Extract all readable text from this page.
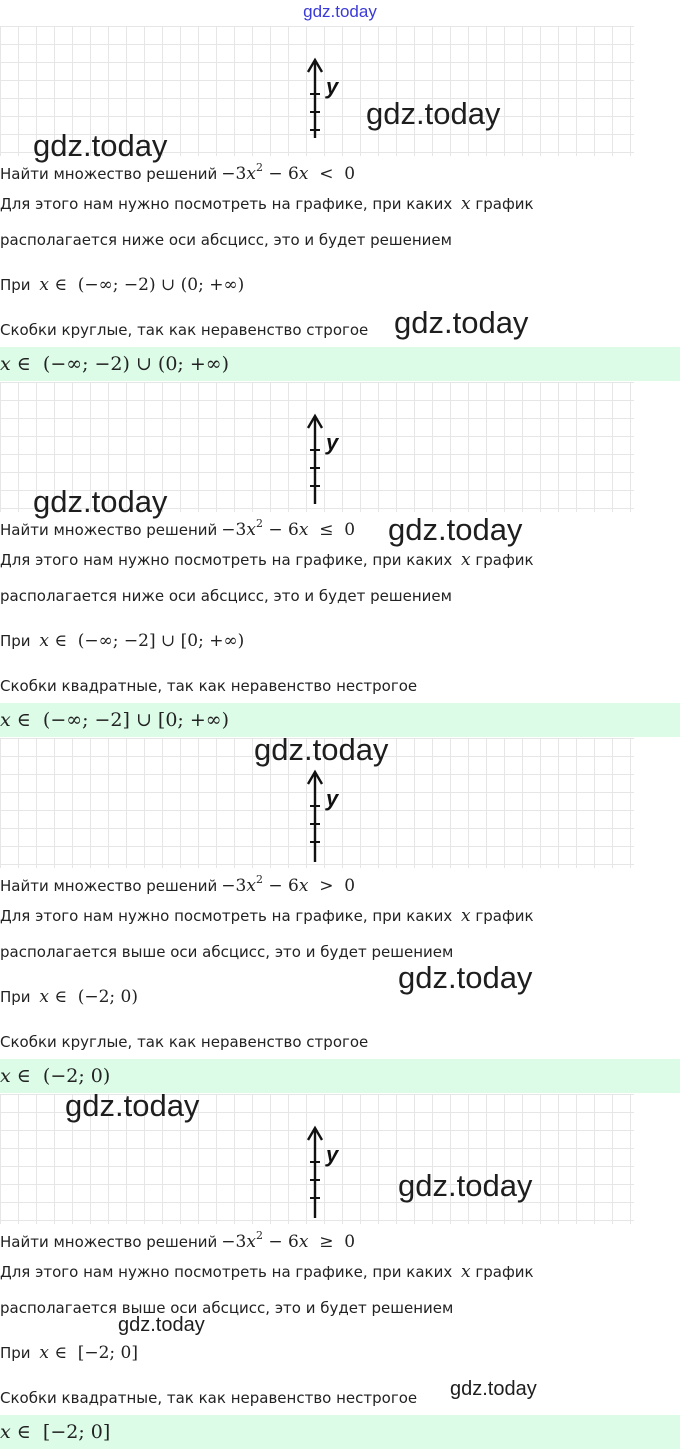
gdz.today
y
Найти множество решений $-3x^2 - 6x < 0$
Для этого нам нужно посмотреть на графике, при каких x график
располагается ниже оси абсцисс, это и будет решением
При x ∈  (−∞; −2) ∪ (0; +∞)
Скобки круглые, так как неравенство строгое
x ∈  (−∞; −2) ∪ (0; +∞)
y
Найти множество решений $-3x^2 - 6x \le 0$
Для этого нам нужно посмотреть на графике, при каких x график
располагается ниже оси абсцисс, это и будет решением
При x ∈  (−∞; −2] ∪ [0; +∞)
Скобки квадратные, так как неравенство нестрогое
x ∈  (−∞; −2] ∪ [0; +∞)
y
Найти множество решений $-3x^2 - 6x > 0$
Для этого нам нужно посмотреть на графике, при каких x график
располагается выше оси абсцисс, это и будет решением
При x ∈  (−2; 0)
Скобки круглые, так как неравенство строгое
x ∈  (−2; 0)
y
Найти множество решений $-3x^2 - 6x \ge 0$
Для этого нам нужно посмотреть на графике, при каких x график
располагается выше оси абсцисс, это и будет решением
При x ∈  [−2; 0]
Скобки квадратные, так как неравенство нестрогое
x ∈  [−2; 0]
gdz.today
gdz.today
gdz.today
gdz.today
gdz.today
gdz.today
gdz.today
gdz.today
gdz.today
gdz.today
gdz.today
